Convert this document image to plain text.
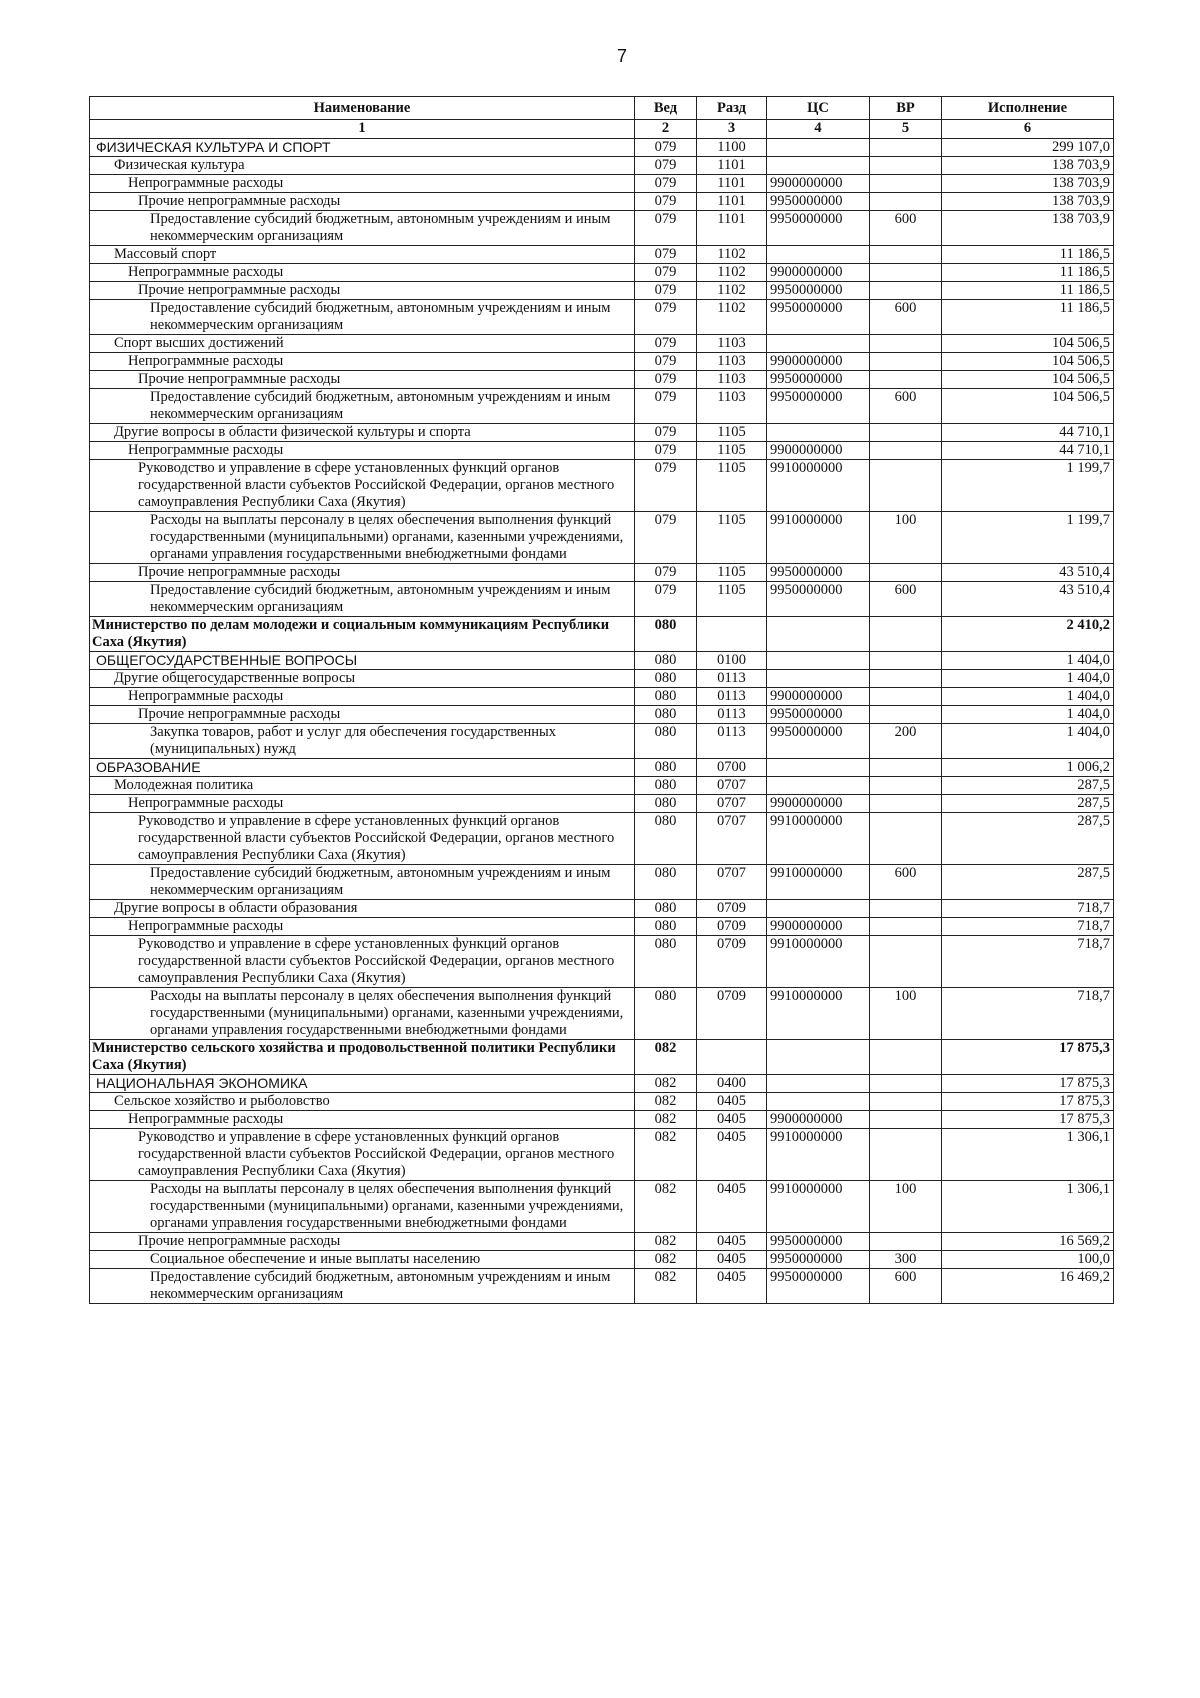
7
Наименование	Вед	Разд	ЦС	ВР	Исполнение
1	2	3	4	5	6
ФИЗИЧЕСКАЯ КУЛЬТУРА И СПОРТ	079	1100			299 107,0
Физическая культура	079	1101			138 703,9
Непрограммные расходы	079	1101	9900000000		138 703,9
Прочие непрограммные расходы	079	1101	9950000000		138 703,9
Предоставление субсидий бюджетным, автономным учреждениям и иным некоммерческим организациям	079	1101	9950000000	600	138 703,9
Массовый спорт	079	1102			11 186,5
Непрограммные расходы	079	1102	9900000000		11 186,5
Прочие непрограммные расходы	079	1102	9950000000		11 186,5
Предоставление субсидий бюджетным, автономным учреждениям и иным некоммерческим организациям	079	1102	9950000000	600	11 186,5
Спорт высших достижений	079	1103			104 506,5
Непрограммные расходы	079	1103	9900000000		104 506,5
Прочие непрограммные расходы	079	1103	9950000000		104 506,5
Предоставление субсидий бюджетным, автономным учреждениям и иным некоммерческим организациям	079	1103	9950000000	600	104 506,5
Другие вопросы в области физической культуры и спорта	079	1105			44 710,1
Непрограммные расходы	079	1105	9900000000		44 710,1
Руководство и управление в сфере установленных функций органов государственной власти субъектов Российской Федерации, органов местного самоуправления Республики Саха (Якутия)	079	1105	9910000000		1 199,7
Расходы на выплаты персоналу в целях обеспечения выполнения функций государственными (муниципальными) органами, казенными учреждениями, органами управления государственными внебюджетными фондами	079	1105	9910000000	100	1 199,7
Прочие непрограммные расходы	079	1105	9950000000		43 510,4
Предоставление субсидий бюджетным, автономным учреждениям и иным некоммерческим организациям	079	1105	9950000000	600	43 510,4
Министерство по делам молодежи и социальным коммуникациям Республики Саха (Якутия)	080				2 410,2
ОБЩЕГОСУДАРСТВЕННЫЕ ВОПРОСЫ	080	0100			1 404,0
Другие общегосударственные вопросы	080	0113			1 404,0
Непрограммные расходы	080	0113	9900000000		1 404,0
Прочие непрограммные расходы	080	0113	9950000000		1 404,0
Закупка товаров, работ и услуг для обеспечения государственных (муниципальных) нужд	080	0113	9950000000	200	1 404,0
ОБРАЗОВАНИЕ	080	0700			1 006,2
Молодежная политика	080	0707			287,5
Непрограммные расходы	080	0707	9900000000		287,5
Руководство и управление в сфере установленных функций органов государственной власти субъектов Российской Федерации, органов местного самоуправления Республики Саха (Якутия)	080	0707	9910000000		287,5
Предоставление субсидий бюджетным, автономным учреждениям и иным некоммерческим организациям	080	0707	9910000000	600	287,5
Другие вопросы в области образования	080	0709			718,7
Непрограммные расходы	080	0709	9900000000		718,7
Руководство и управление в сфере установленных функций органов государственной власти субъектов Российской Федерации, органов местного самоуправления Республики Саха (Якутия)	080	0709	9910000000		718,7
Расходы на выплаты персоналу в целях обеспечения выполнения функций государственными (муниципальными) органами, казенными учреждениями, органами управления государственными внебюджетными фондами	080	0709	9910000000	100	718,7
Министерство сельского хозяйства и продовольственной политики Республики Саха (Якутия)	082				17 875,3
НАЦИОНАЛЬНАЯ ЭКОНОМИКА	082	0400			17 875,3
Сельское хозяйство и рыболовство	082	0405			17 875,3
Непрограммные расходы	082	0405	9900000000		17 875,3
Руководство и управление в сфере установленных функций органов государственной власти субъектов Российской Федерации, органов местного самоуправления Республики Саха (Якутия)	082	0405	9910000000		1 306,1
Расходы на выплаты персоналу в целях обеспечения выполнения функций государственными (муниципальными) органами, казенными учреждениями, органами управления государственными внебюджетными фондами	082	0405	9910000000	100	1 306,1
Прочие непрограммные расходы	082	0405	9950000000		16 569,2
Социальное обеспечение и иные выплаты населению	082	0405	9950000000	300	100,0
Предоставление субсидий бюджетным, автономным учреждениям и иным некоммерческим организациям	082	0405	9950000000	600	16 469,2
